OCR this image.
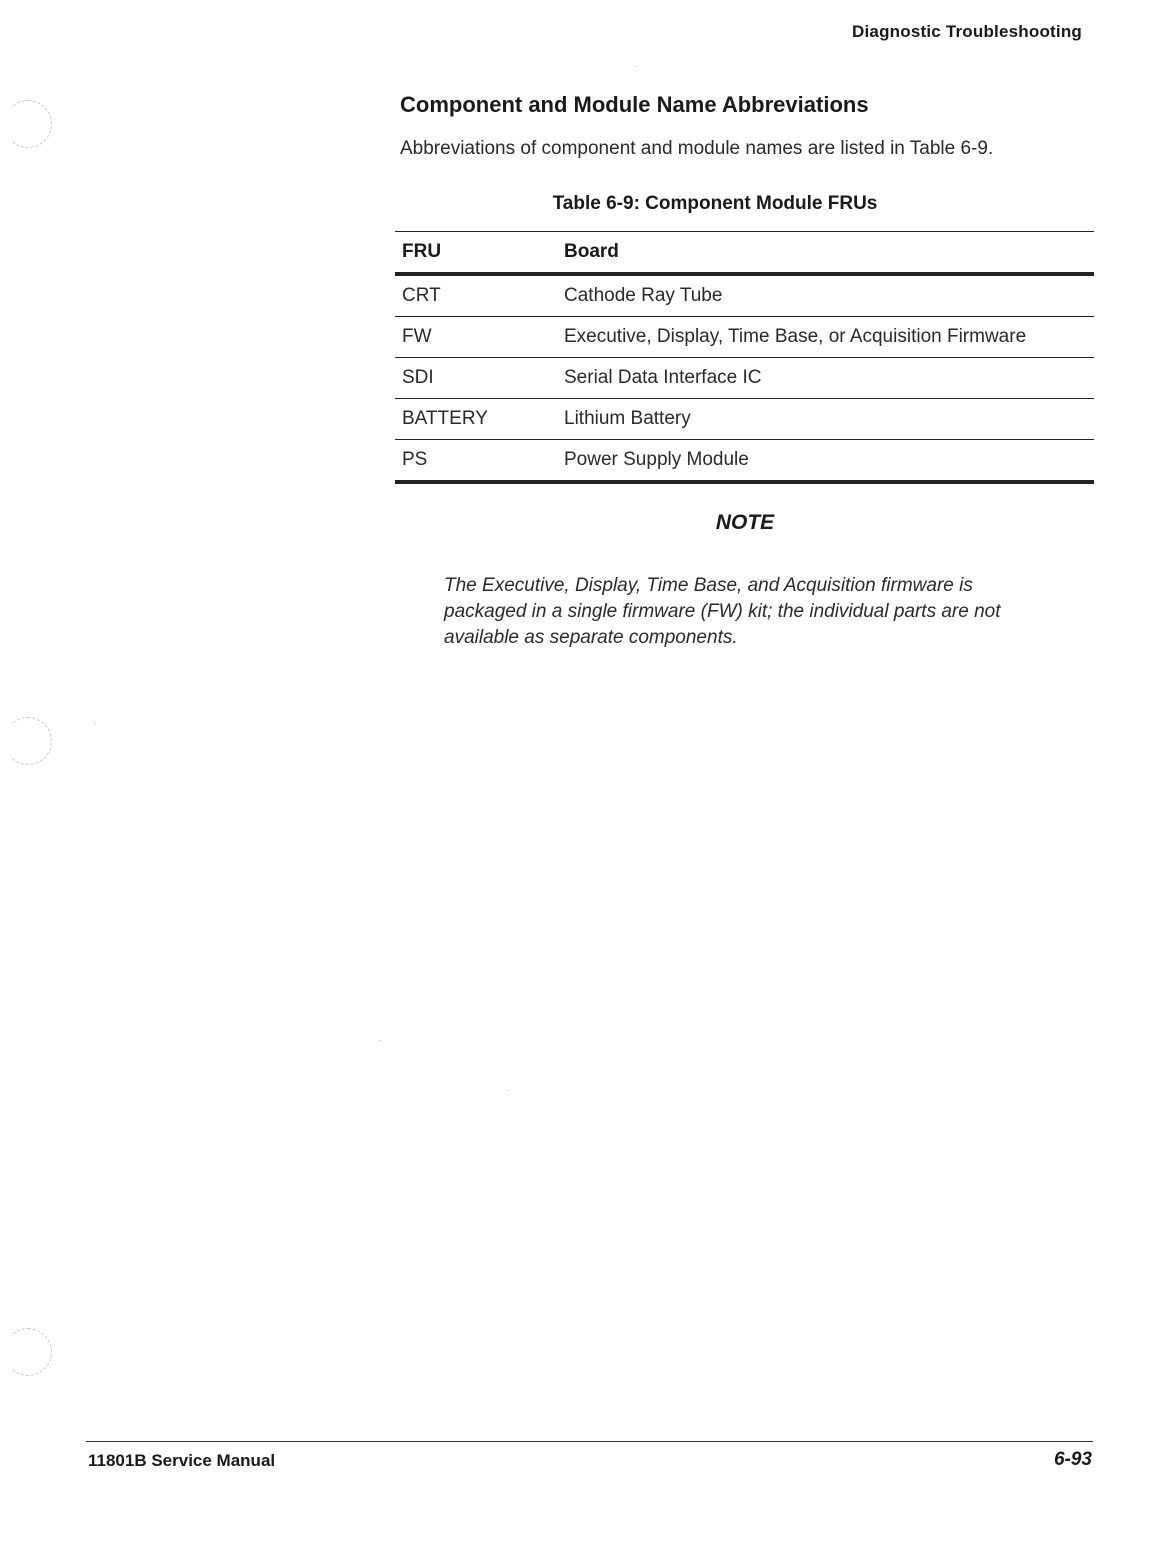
Diagnostic Troubleshooting
Component and Module Name Abbreviations

Abbreviations of component and module names are listed in Table 6-9.

Table 6-9: Component Module FRUs
FRU	Board
CRT	Cathode Ray Tube
FW	Executive, Display, Time Base, or Acquisition Firmware
SDI	Serial Data Interface IC
BATTERY	Lithium Battery
PS	Power Supply Module
NOTE

The Executive, Display, Time Base, and Acquisition firmware is
packaged in a single firmware (FW) kit; the individual parts are not
available as separate components.

11801B Service Manual	6-93
